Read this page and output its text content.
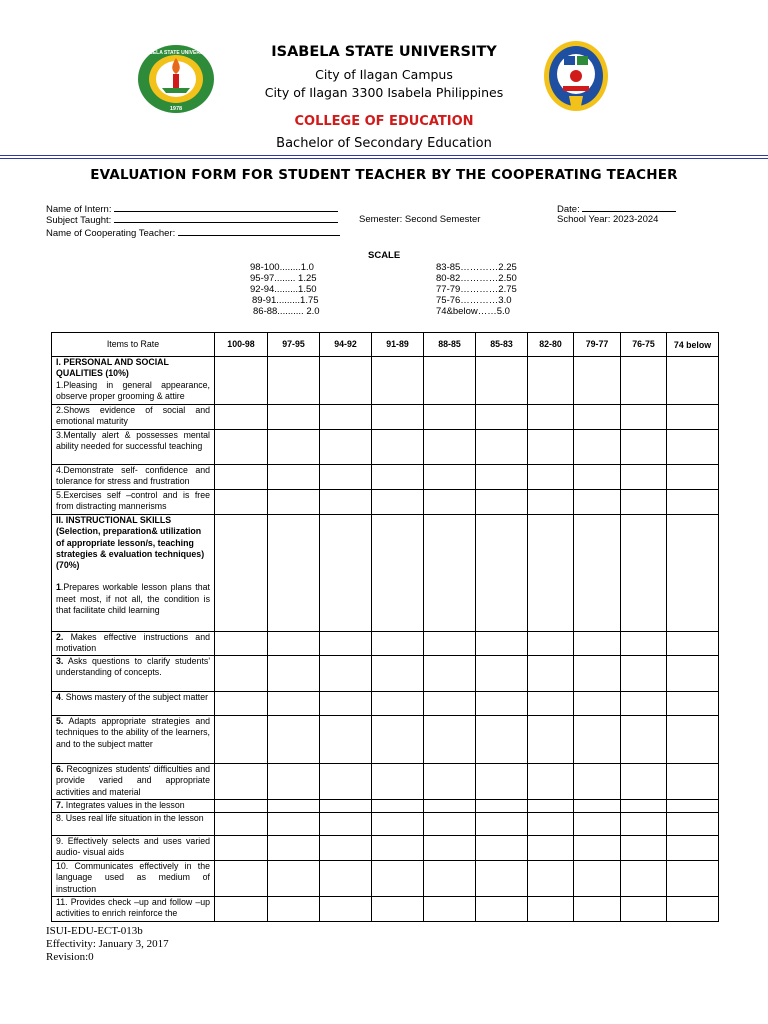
ISABELA STATE UNIVERSITY
1978
ISABELA STATE UNIVERSITY
City of Ilagan Campus
City of Ilagan 3300 Isabela Philippines
COLLEGE OF EDUCATION
Bachelor of Secondary Education
EVALUATION FORM FOR STUDENT TEACHER BY THE COOPERATING TEACHER
Name of Intern:
Subject Taught:
Name of Cooperating Teacher:
Date:
Semester: Second Semester	School Year: 2023-2024
SCALE
98-100........1.0
95-97........ 1.25
92-94.........1.50
89-91.........1.75
86-88.......... 2.0
83-85…………2.25
80-82…………2.50
77-79…………2.75
75-76…………3.0
74&below……5.0
Items to Rate	100-98	97-95	94-92	91-89	88-85	85-83	82-80	79-77	76-75	74 below

I. PERSONAL AND SOCIAL QUALITIES (10%)
1.Pleasing in general appearance, observe proper grooming & attire										

2.Shows evidence of social and emotional maturity										

3.Mentally alert & possesses mental ability needed for successful teaching										

4.Demonstrate self- confidence and tolerance for stress and frustration										

5.Exercises self –control and is free from distracting mannerisms										

II. INSTRUCTIONAL SKILLS (Selection, preparation& utilization of appropriate lesson/s, teaching strategies & evaluation techniques) (70%)
1.Prepares workable lesson plans that meet most, if not all, the condition is that facilitate child learning										

2. Makes effective instructions and motivation										

3. Asks questions to clarify students' understanding of concepts.										

4. Shows mastery of the subject matter										

5. Adapts appropriate strategies and techniques to the ability of the learners, and to the subject matter										

6. Recognizes students' difficulties and provide varied and appropriate activities and material										

7. Integrates values in the lesson										

8. Uses real life situation in the lesson										

9. Effectively selects and uses varied audio- visual aids										

10. Communicates effectively in the language used as medium of instruction										

11. Provides check –up and follow –up activities to enrich reinforce the										

ISUI-EDU-ECT-013b
Effectivity: January 3, 2017
Revision:0
